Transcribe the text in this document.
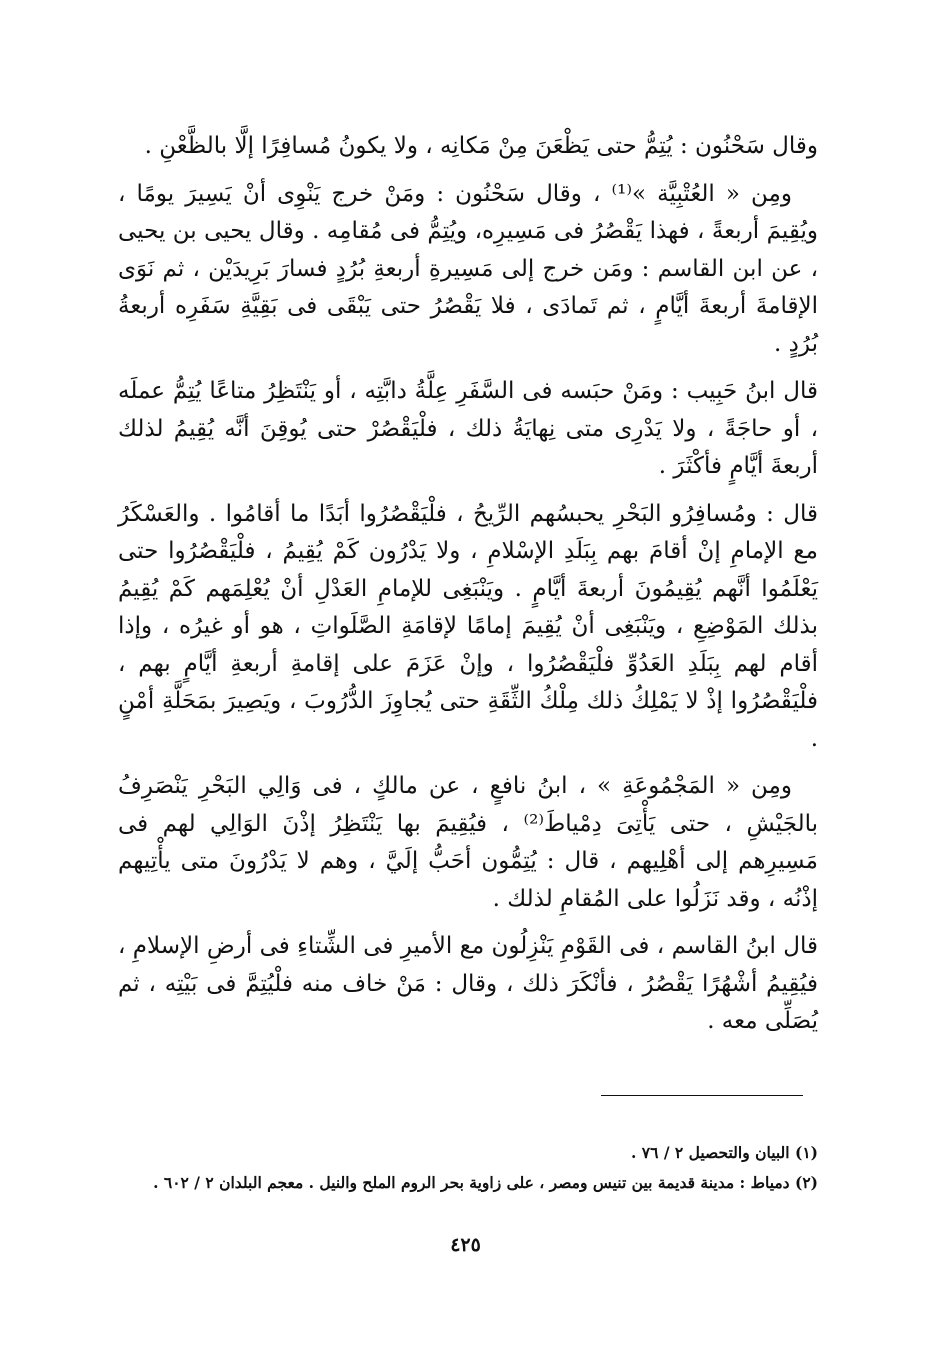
وقال سَحْنُون : يُتِمُّ حتى يَظْعَنَ مِنْ مَكانِه ، ولا يكونُ مُسافِرًا إلَّا بالظَّعْنِ .

ومِن « العُتْبِيَّة »⁽¹⁾ ، وقال سَحْنُون : ومَنْ خرج يَنْوِى أنْ يَسِيرَ يومًا ، ويُقِيمَ أربعةً ، فهذا يَقْصُرُ فى مَسِيرِه، ويُتِمُّ فى مُقامِه . وقال يحيى بن يحيى ، عن ابن القاسم : ومَن خرج إلى مَسِيرةِ أربعةِ بُرُدٍ فسارَ بَرِيدَيْن ، ثم نَوَى الإقامةَ أربعةَ أيَّامٍ ، ثم تَمادَى ، فلا يَقْصُرُ حتى يَبْقَى فى بَقِيَّةِ سَفَرِه أربعةُ بُرُدٍ .

قال ابنُ حَبِيب : ومَنْ حبَسه فى السَّفَرِ عِلَّةُ دابَّتِه ، أو يَنْتَظِرُ متاعًا يُتِمُّ عملَه ، أو حاجَةً ، ولا يَدْرِى متى نِهايَةُ ذلك ، فلْيَقْصُرْ حتى يُوقِنَ أنَّه يُقِيمُ لذلك أربعةَ أيَّامٍ فأكْثَرَ .

قال : ومُسافِرُو البَحْرِ يحبسُهم الرِّيحُ ، فلْيَقْصُرُوا أبَدًا ما أقامُوا . والعَسْكَرُ مع الإمامِ إنْ أقامَ بهم بِبَلَدِ الإسْلامِ ، ولا يَدْرُون كَمْ يُقِيمُ ، فلْيَقْصُرُوا حتى يَعْلَمُوا أنَّهم يُقِيمُونَ أربعةَ أيَّامٍ . ويَنْبَغِى للإمامِ العَدْلِ أنْ يُعْلِمَهم كَمْ يُقِيمُ بذلك المَوْضِعِ ، ويَنْبَغِى أنْ يُقِيمَ إمامًا لإقامَةِ الصَّلَواتِ ، هو أو غيرُه ، وإذا أقام لهم بِبَلَدِ العَدُوِّ فلْيَقْصُرُوا ، وإنْ عَزَمَ على إقامةِ أربعةِ أيَّامٍ بهم ، فلْيَقْصُرُوا إذْ لا يَمْلِكُ ذلك مِلْكُ الثِّقَةِ حتى يُجاوِزَ الدُّرُوبَ ، ويَصِيرَ بمَحَلَّةِ أمْنٍ .

ومِن « المَجْمُوعَةِ » ، ابنُ نافعٍ ، عن مالكٍ ، فى وَالِي البَحْرِ يَنْصَرِفُ بالجَيْشِ ، حتى يَأْتِىَ دِمْياطَ⁽²⁾ ، فيُقِيمَ بها يَنْتَظِرُ إذْنَ الوَالِي لهم فى مَسِيرِهم إلى أهْلِيهم ، قال : يُتِمُّون أحَبُّ إلَيَّ ، وهم لا يَدْرُونَ متى يأْتِيهم إذْنُه ، وقد نَزَلُوا على المُقامِ لذلك .

قال ابنُ القاسم ، فى القَوْمِ يَنْزِلُون مع الأميرِ فى الشِّتاءِ فى أرضِ الإسلامِ ، فيُقِيمُ أشْهُرًا يَقْصُرُ ، فأنْكَرَ ذلك ، وقال : مَنْ خاف منه فلْيُتِمَّ فى بَيْتِه ، ثم يُصَلِّى معه .

(١) البيان والتحصيل ٢ / ٧٦ .

(٢) دمياط : مدينة قديمة بين تنيس ومصر ، على زاوية بحر الروم الملح والنيل . معجم البلدان ٢ / ٦٠٢ .

٤٢٥
